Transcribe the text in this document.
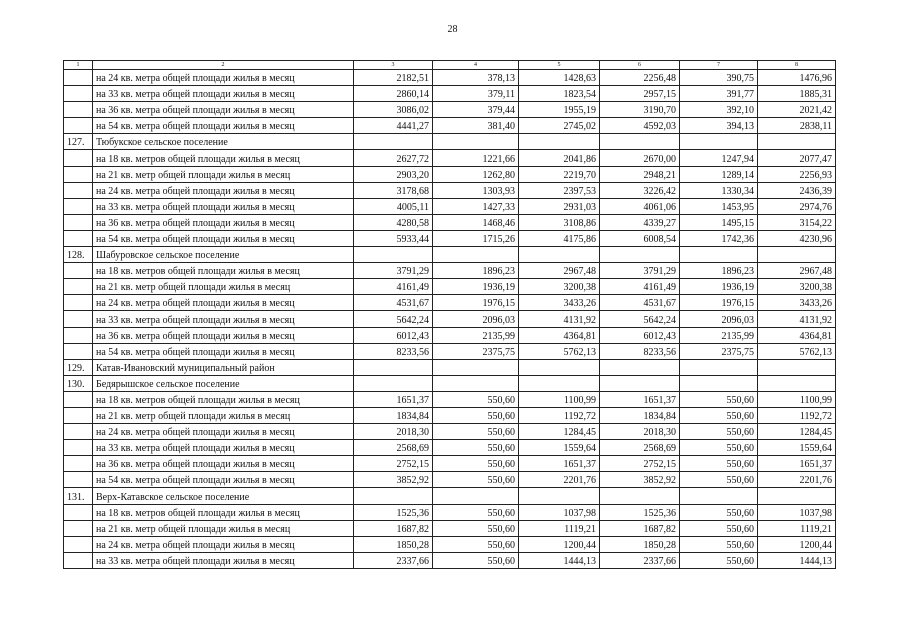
28
1	2	3	4	5	6	7	8
	на 24 кв. метра общей площади жилья в месяц	2182,51	378,13	1428,63	2256,48	390,75	1476,96
	на 33 кв. метра общей площади жилья в месяц	2860,14	379,11	1823,54	2957,15	391,77	1885,31
	на 36 кв. метра общей площади жилья в месяц	3086,02	379,44	1955,19	3190,70	392,10	2021,42
	на 54 кв. метра общей площади жилья в месяц	4441,27	381,40	2745,02	4592,03	394,13	2838,11
127.	Тюбукское сельское поселение						
	на 18 кв. метров общей площади жилья в месяц	2627,72	1221,66	2041,86	2670,00	1247,94	2077,47
	на 21 кв. метр общей площади жилья в месяц	2903,20	1262,80	2219,70	2948,21	1289,14	2256,93
	на 24 кв. метра общей площади жилья в месяц	3178,68	1303,93	2397,53	3226,42	1330,34	2436,39
	на 33 кв. метра общей площади жилья в месяц	4005,11	1427,33	2931,03	4061,06	1453,95	2974,76
	на 36 кв. метра общей площади жилья в месяц	4280,58	1468,46	3108,86	4339,27	1495,15	3154,22
	на 54 кв. метра общей площади жилья в месяц	5933,44	1715,26	4175,86	6008,54	1742,36	4230,96
128.	Шабуровское сельское поселение						
	на 18 кв. метров общей площади жилья в месяц	3791,29	1896,23	2967,48	3791,29	1896,23	2967,48
	на 21 кв. метр общей площади жилья в месяц	4161,49	1936,19	3200,38	4161,49	1936,19	3200,38
	на 24 кв. метра общей площади жилья в месяц	4531,67	1976,15	3433,26	4531,67	1976,15	3433,26
	на 33 кв. метра общей площади жилья в месяц	5642,24	2096,03	4131,92	5642,24	2096,03	4131,92
	на 36 кв. метра общей площади жилья в месяц	6012,43	2135,99	4364,81	6012,43	2135,99	4364,81
	на 54 кв. метра общей площади жилья в месяц	8233,56	2375,75	5762,13	8233,56	2375,75	5762,13
129.	Катав-Ивановский муниципальный район						
130.	Бедярышское сельское поселение						
	на 18 кв. метров общей площади жилья в месяц	1651,37	550,60	1100,99	1651,37	550,60	1100,99
	на 21 кв. метр общей площади жилья в месяц	1834,84	550,60	1192,72	1834,84	550,60	1192,72
	на 24 кв. метра общей площади жилья в месяц	2018,30	550,60	1284,45	2018,30	550,60	1284,45
	на 33 кв. метра общей площади жилья в месяц	2568,69	550,60	1559,64	2568,69	550,60	1559,64
	на 36 кв. метра общей площади жилья в месяц	2752,15	550,60	1651,37	2752,15	550,60	1651,37
	на 54 кв. метра общей площади жилья в месяц	3852,92	550,60	2201,76	3852,92	550,60	2201,76
131.	Верх-Катавское сельское поселение						
	на 18 кв. метров общей площади жилья в месяц	1525,36	550,60	1037,98	1525,36	550,60	1037,98
	на 21 кв. метр общей площади жилья в месяц	1687,82	550,60	1119,21	1687,82	550,60	1119,21
	на 24 кв. метра общей площади жилья в месяц	1850,28	550,60	1200,44	1850,28	550,60	1200,44
	на 33 кв. метра общей площади жилья в месяц	2337,66	550,60	1444,13	2337,66	550,60	1444,13
